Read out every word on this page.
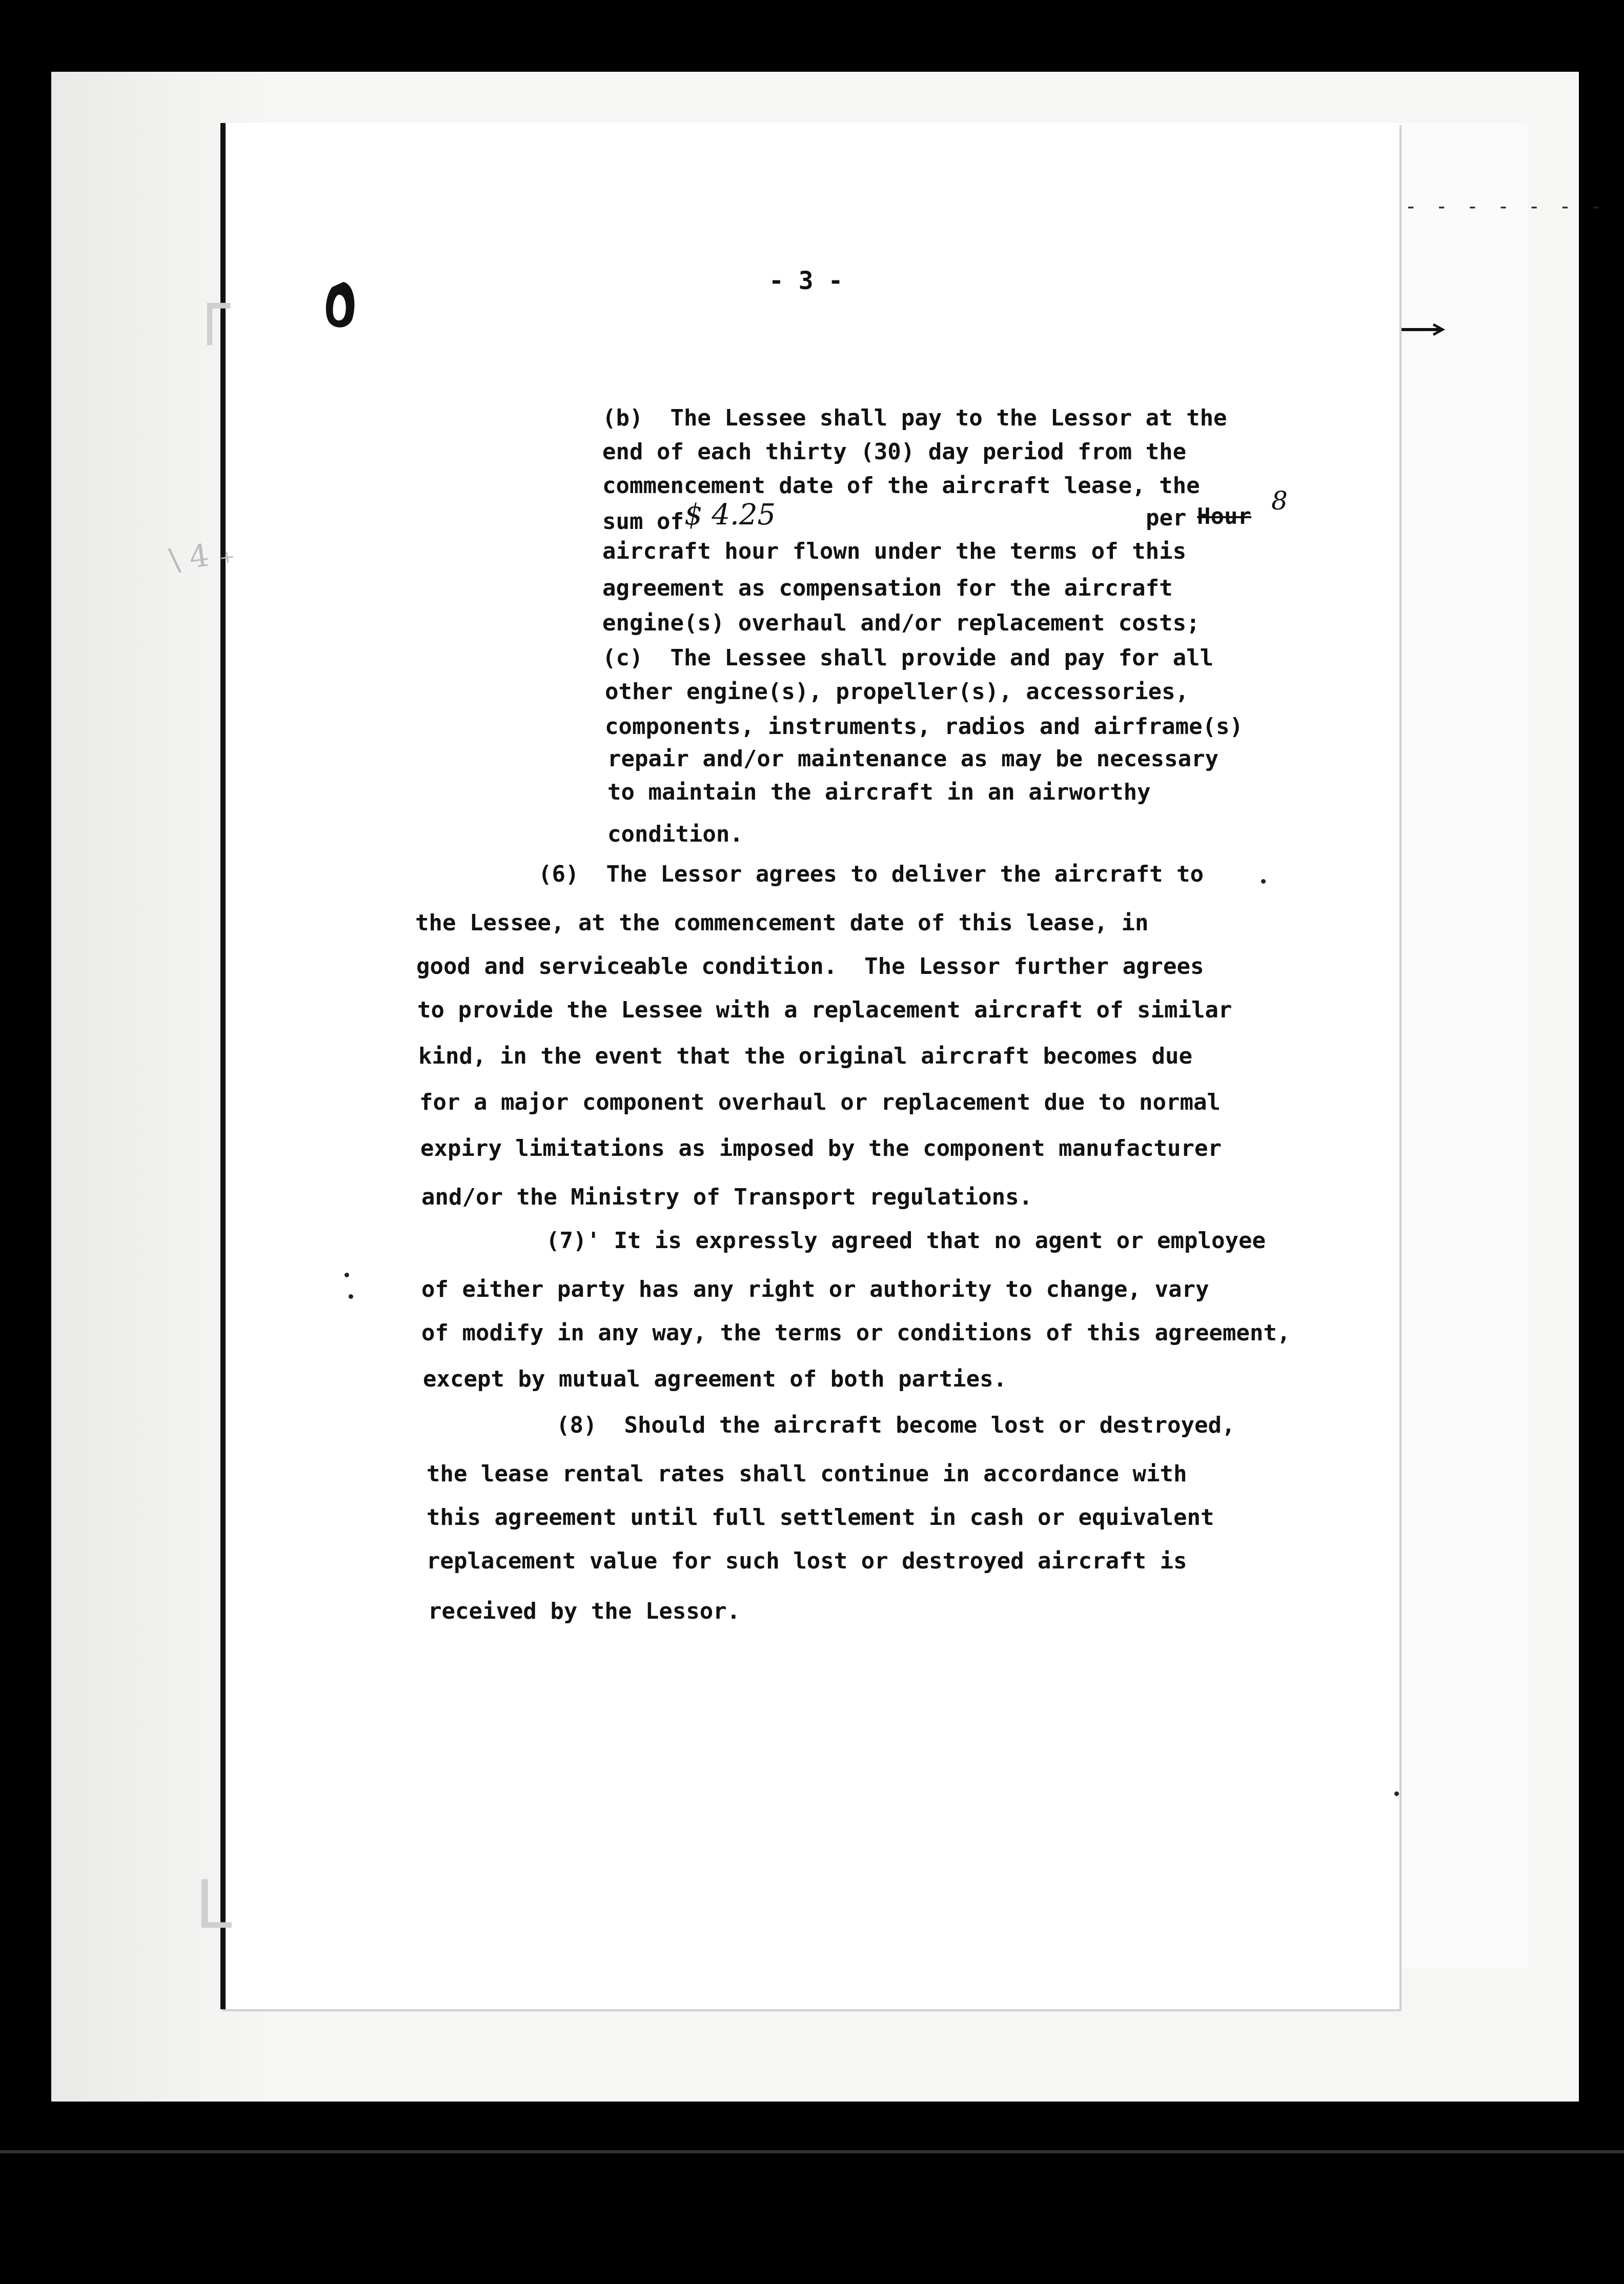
- - - - - - -
\ 4 ₊
┌
L
- 3 -
(b)  The Lessee shall pay to the Lessor at the
end of each thirty (30) day period from the
commencement date of the aircraft lease, the
sum of $ 4.25	per Hour
8
aircraft hour flown under the terms of this
agreement as compensation for the aircraft
engine(s) overhaul and/or replacement costs;
(c)  The Lessee shall provide and pay for all
other engine(s), propeller(s), accessories,
components, instruments, radios and airframe(s)
repair and/or maintenance as may be necessary
to maintain the aircraft in an airworthy
condition.
(6)  The Lessor agrees to deliver the aircraft to
the Lessee, at the commencement date of this lease, in
good and serviceable condition.  The Lessor further agrees
to provide the Lessee with a replacement aircraft of similar
kind, in the event that the original aircraft becomes due
for a major component overhaul or replacement due to normal
expiry limitations as imposed by the component manufacturer
and/or the Ministry of Transport regulations.
(7)' It is expressly agreed that no agent or employee
of either party has any right or authority to change, vary
of modify in any way, the terms or conditions of this agreement,
except by mutual agreement of both parties.
(8)  Should the aircraft become lost or destroyed,
the lease rental rates shall continue in accordance with
this agreement until full settlement in cash or equivalent
replacement value for such lost or destroyed aircraft is
received by the Lessor.
